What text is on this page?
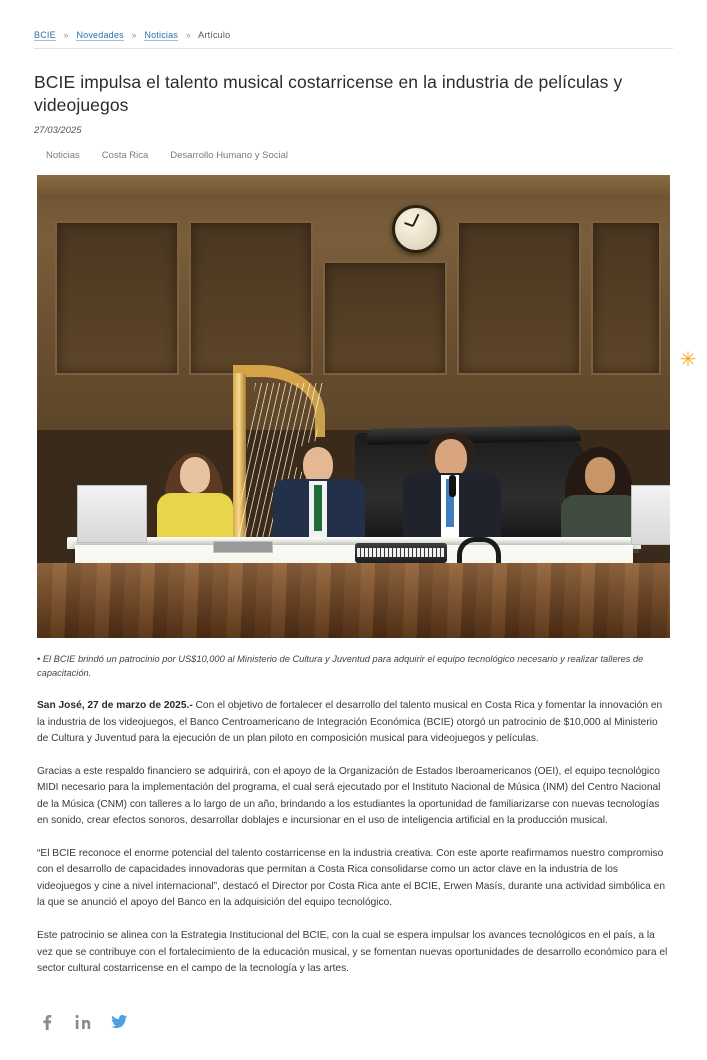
BCIE » Novedades » Noticias » Artículo
BCIE impulsa el talento musical costarricense en la industria de películas y videojuegos
27/03/2025
Noticias Costa Rica Desarrollo Humano y Social
✳
• El BCIE brindó un patrocinio por US$10,000 al Ministerio de Cultura y Juventud para adquirir el equipo tecnológico necesario y realizar talleres de capacitación.

San José, 27 de marzo de 2025.- Con el objetivo de fortalecer el desarrollo del talento musical en Costa Rica y fomentar la innovación en la industria de los videojuegos, el Banco Centroamericano de Integración Económica (BCIE) otorgó un patrocinio de $10,000 al Ministerio de Cultura y Juventud para la ejecución de un plan piloto en composición musical para videojuegos y películas.

Gracias a este respaldo financiero se adquirirá, con el apoyo de la Organización de Estados Iberoamericanos (OEI), el equipo tecnológico MIDI necesario para la implementación del programa, el cual será ejecutado por el Instituto Nacional de Música (INM) del Centro Nacional de la Música (CNM) con talleres a lo largo de un año, brindando a los estudiantes la oportunidad de familiarizarse con nuevas tecnologías en sonido, crear efectos sonoros, desarrollar doblajes e incursionar en el uso de inteligencia artificial en la producción musical.

“El BCIE reconoce el enorme potencial del talento costarricense en la industria creativa. Con este aporte reafirmamos nuestro compromiso con el desarrollo de capacidades innovadoras que permitan a Costa Rica consolidarse como un actor clave en la industria de los videojuegos y cine a nivel internacional”, destacó el Director por Costa Rica ante el BCIE, Erwen Masís, durante una actividad simbólica en la que se anunció el apoyo del Banco en la adquisición del equipo tecnológico.

Este patrocinio se alinea con la Estrategia Institucional del BCIE, con la cual se espera impulsar los avances tecnológicos en el país, a la vez que se contribuye con el fortalecimiento de la educación musical, y se fomentan nuevas oportunidades de desarrollo económico para el sector cultural costarricense en el campo de la tecnología y las artes.
